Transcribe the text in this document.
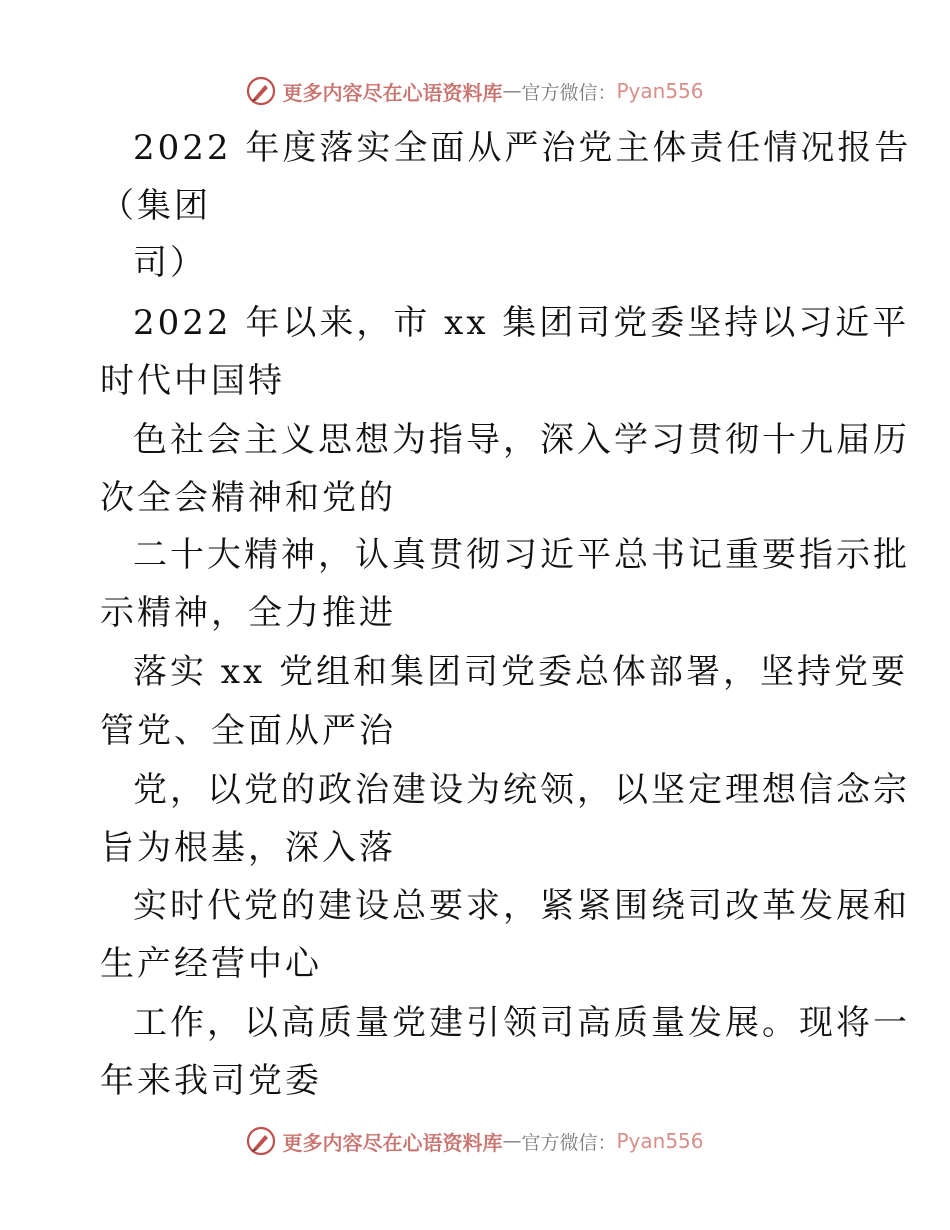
更多内容尽在心语资料库 — 官方微信： Pyan556
2022 年度落实全面从严治党主体责任情况报告
（集团
司）
2022 年以来，市 xx 集团司党委坚持以习近平
时代中国特
色社会主义思想为指导，深入学习贯彻十九届历
次全会精神和党的
二十大精神，认真贯彻习近平总书记重要指示批
示精神，全力推进
落实 xx 党组和集团司党委总体部署，坚持党要
管党、全面从严治
党，以党的政治建设为统领，以坚定理想信念宗
旨为根基，深入落
实时代党的建设总要求，紧紧围绕司改革发展和
生产经营中心
工作，以高质量党建引领司高质量发展。现将一
年来我司党委
更多内容尽在心语资料库 — 官方微信： Pyan556
